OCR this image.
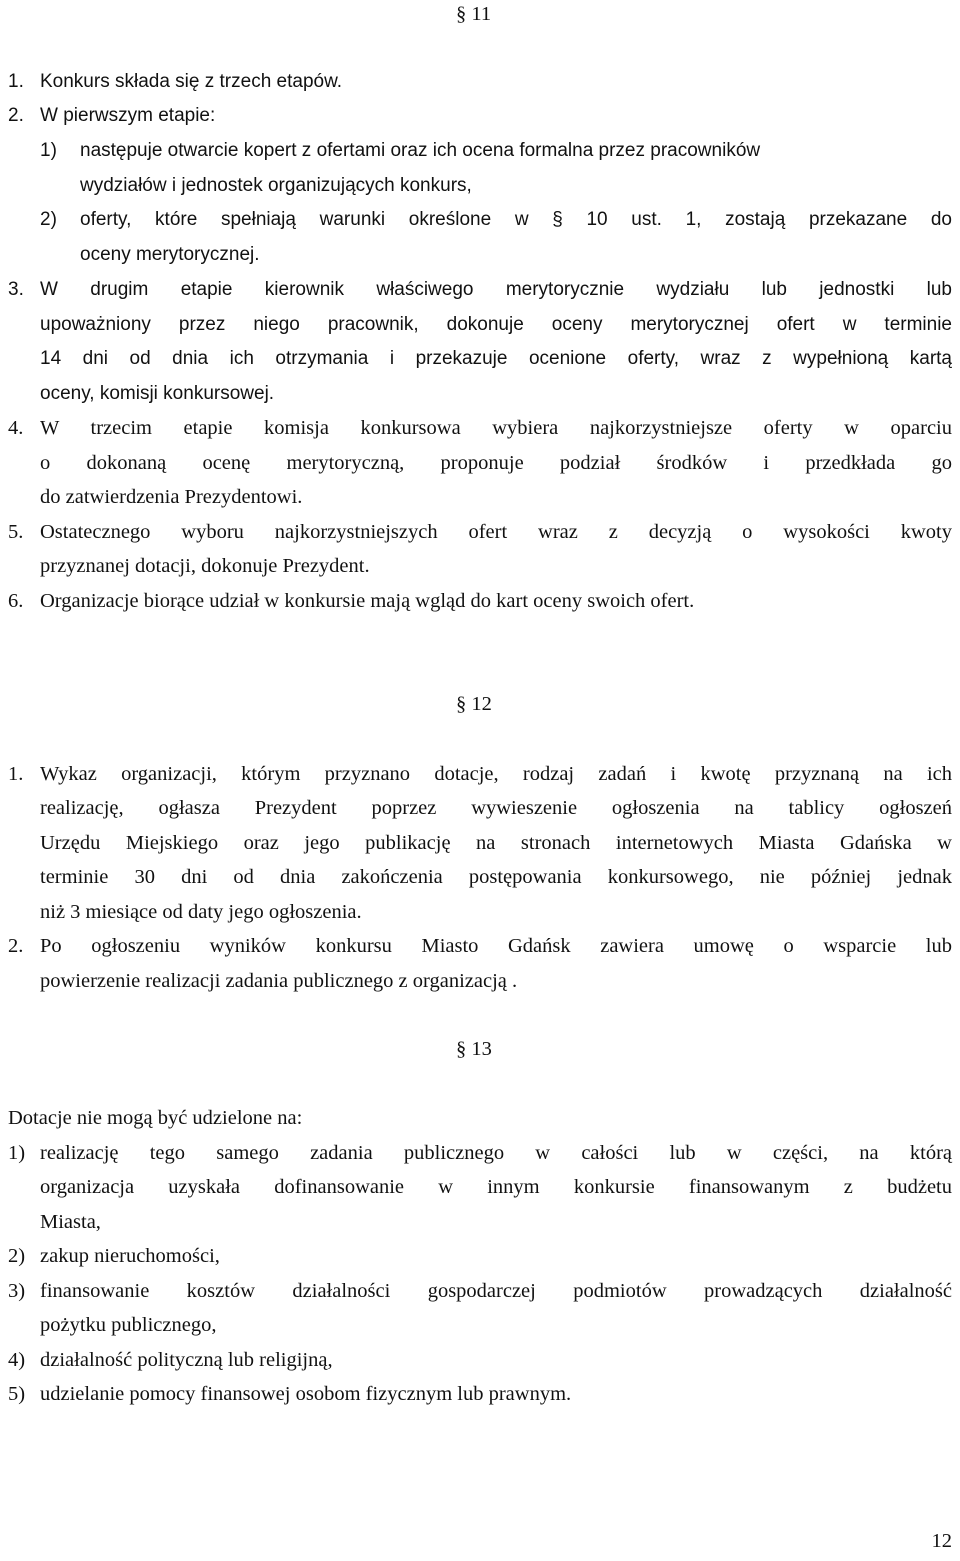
§ 11
1. Konkurs składa się z trzech etapów.
2. W pierwszym etapie:
1) następuje otwarcie kopert z ofertami oraz ich ocena formalna przez pracowników
wydziałów i jednostek organizujących konkurs,
2) oferty, które spełniają warunki określone w § 10 ust. 1, zostają przekazane do
oceny merytorycznej.
3. W drugim etapie kierownik właściwego merytorycznie wydziału lub jednostki lub
upoważniony przez niego pracownik, dokonuje oceny merytorycznej ofert w terminie
14 dni od dnia ich otrzymania i przekazuje ocenione oferty, wraz z wypełnioną kartą
oceny, komisji konkursowej.
4. W trzecim etapie komisja konkursowa wybiera najkorzystniejsze oferty w oparciu
o dokonaną ocenę merytoryczną, proponuje podział środków i przedkłada go
do zatwierdzenia Prezydentowi.
5. Ostatecznego wyboru najkorzystniejszych ofert wraz z decyzją o wysokości kwoty
przyznanej dotacji, dokonuje Prezydent.
6. Organizacje biorące udział w konkursie mają wgląd do kart oceny swoich ofert.
§ 12
1. Wykaz organizacji, którym przyznano dotacje, rodzaj zadań i kwotę przyznaną na ich
realizację, ogłasza Prezydent poprzez wywieszenie ogłoszenia na tablicy ogłoszeń
Urzędu Miejskiego oraz jego publikację na stronach internetowych Miasta Gdańska w
terminie 30 dni od dnia zakończenia postępowania konkursowego, nie później jednak
niż 3 miesiące od daty jego ogłoszenia.
2. Po ogłoszeniu wyników konkursu Miasto Gdańsk zawiera umowę o wsparcie lub
powierzenie realizacji zadania publicznego z organizacją .
§ 13
Dotacje nie mogą być udzielone na:
1) realizację tego samego zadania publicznego w całości lub w części, na którą
organizacja uzyskała dofinansowanie w innym konkursie finansowanym z budżetu
Miasta,
2) zakup nieruchomości,
3) finansowanie kosztów działalności gospodarczej podmiotów prowadzących działalność
pożytku publicznego,
4) działalność polityczną lub religijną,
5) udzielanie pomocy finansowej osobom fizycznym lub prawnym.
12
